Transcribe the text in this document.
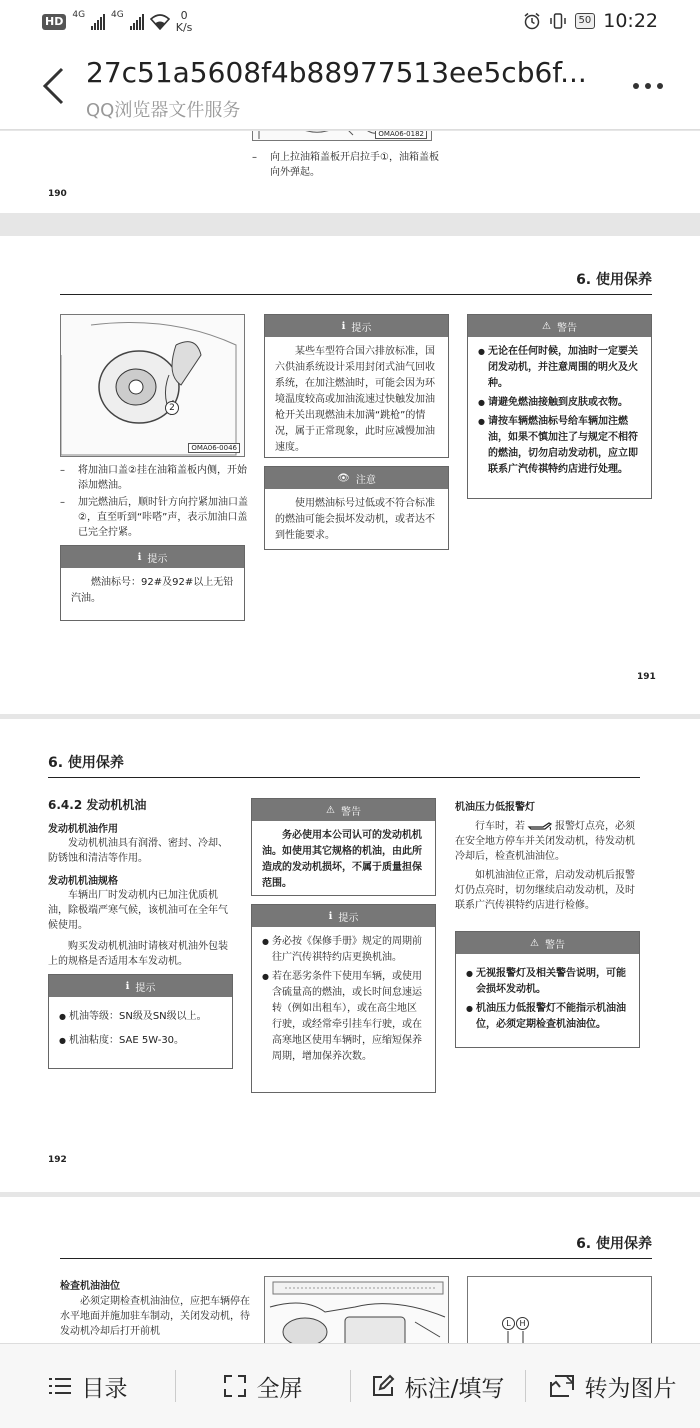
HD	4G	4G	0
K/s
50 10:22
27c51a5608f4b88977513ee5cb6f...
QQ浏览器文件服务
OMA06-0182
– 向上拉油箱盖板开启拉手①，油箱盖板向外弹起。
190
6. 使用保养
2
OMA06-0046
– 将加油口盖②挂在油箱盖板内侧，开始添加燃油。
– 加完燃油后，顺时针方向拧紧加油口盖②，直至听到“咔嗒”声，表示加油口盖已完全拧紧。
ℹ 提示
燃油标号：92#及92#以上无铅汽油。
ℹ 提示
某些车型符合国六排放标准，国六供油系统设计采用封闭式油气回收系统，在加注燃油时，可能会因为环境温度较高或加油流速过快触发加油枪开关出现燃油未加满“跳枪”的情况，属于正常现象，此时应减慢加油速度。
👁 注意
使用燃油标号过低或不符合标准的燃油可能会损坏发动机，或者达不到性能要求。
⚠ 警告
● 无论在任何时候，加油时一定要关闭发动机，并注意周围的明火及火种。
● 请避免燃油接触到皮肤或衣物。
● 请按车辆燃油标号给车辆加注燃油，如果不慎加注了与规定不相符的燃油，切勿启动发动机，应立即联系广汽传祺特约店进行处理。
191
6. 使用保养
6.4.2 发动机机油
发动机机油作用
发动机机油具有润滑、密封、冷却、防锈蚀和清洁等作用。
发动机机油规格
车辆出厂时发动机内已加注优质机油，除极端严寒气候，该机油可在全年气候使用。
购买发动机机油时请核对机油外包装上的规格是否适用本车发动机。
ℹ 提示
● 机油等级：SN级及SN级以上。
● 机油粘度：SAE 5W-30。
⚠ 警告
务必使用本公司认可的发动机机油。如使用其它规格的机油，由此所造成的发动机损坏，不属于质量担保范围。
ℹ 提示
● 务必按《保修手册》规定的周期前往广汽传祺特约店更换机油。
● 若在恶劣条件下使用车辆，或使用含硫量高的燃油，或长时间怠速运转（例如出租车），或在高尘地区行驶，或经常牵引挂车行驶，或在高寒地区使用车辆时，应缩短保养周期，增加保养次数。
机油压力低报警灯
行车时，若	报警灯点亮，必须在安全地方停车并关闭发动机，待发动机冷却后，检查机油油位。
如机油油位正常，启动发动机后报警灯仍点亮时，切勿继续启动发动机，及时联系广汽传祺特约店进行检修。
⚠ 警告
● 无视报警灯及相关警告说明，可能会损坏发动机。
● 机油压力低报警灯不能指示机油油位，必须定期检查机油油位。
192
6. 使用保养
检查机油油位
必须定期检查机油油位，应把车辆停在水平地面并施加驻车制动，关闭发动机，待发动机冷却后打开前机
L	H
目录	全屏	标注/填写	转为图片
